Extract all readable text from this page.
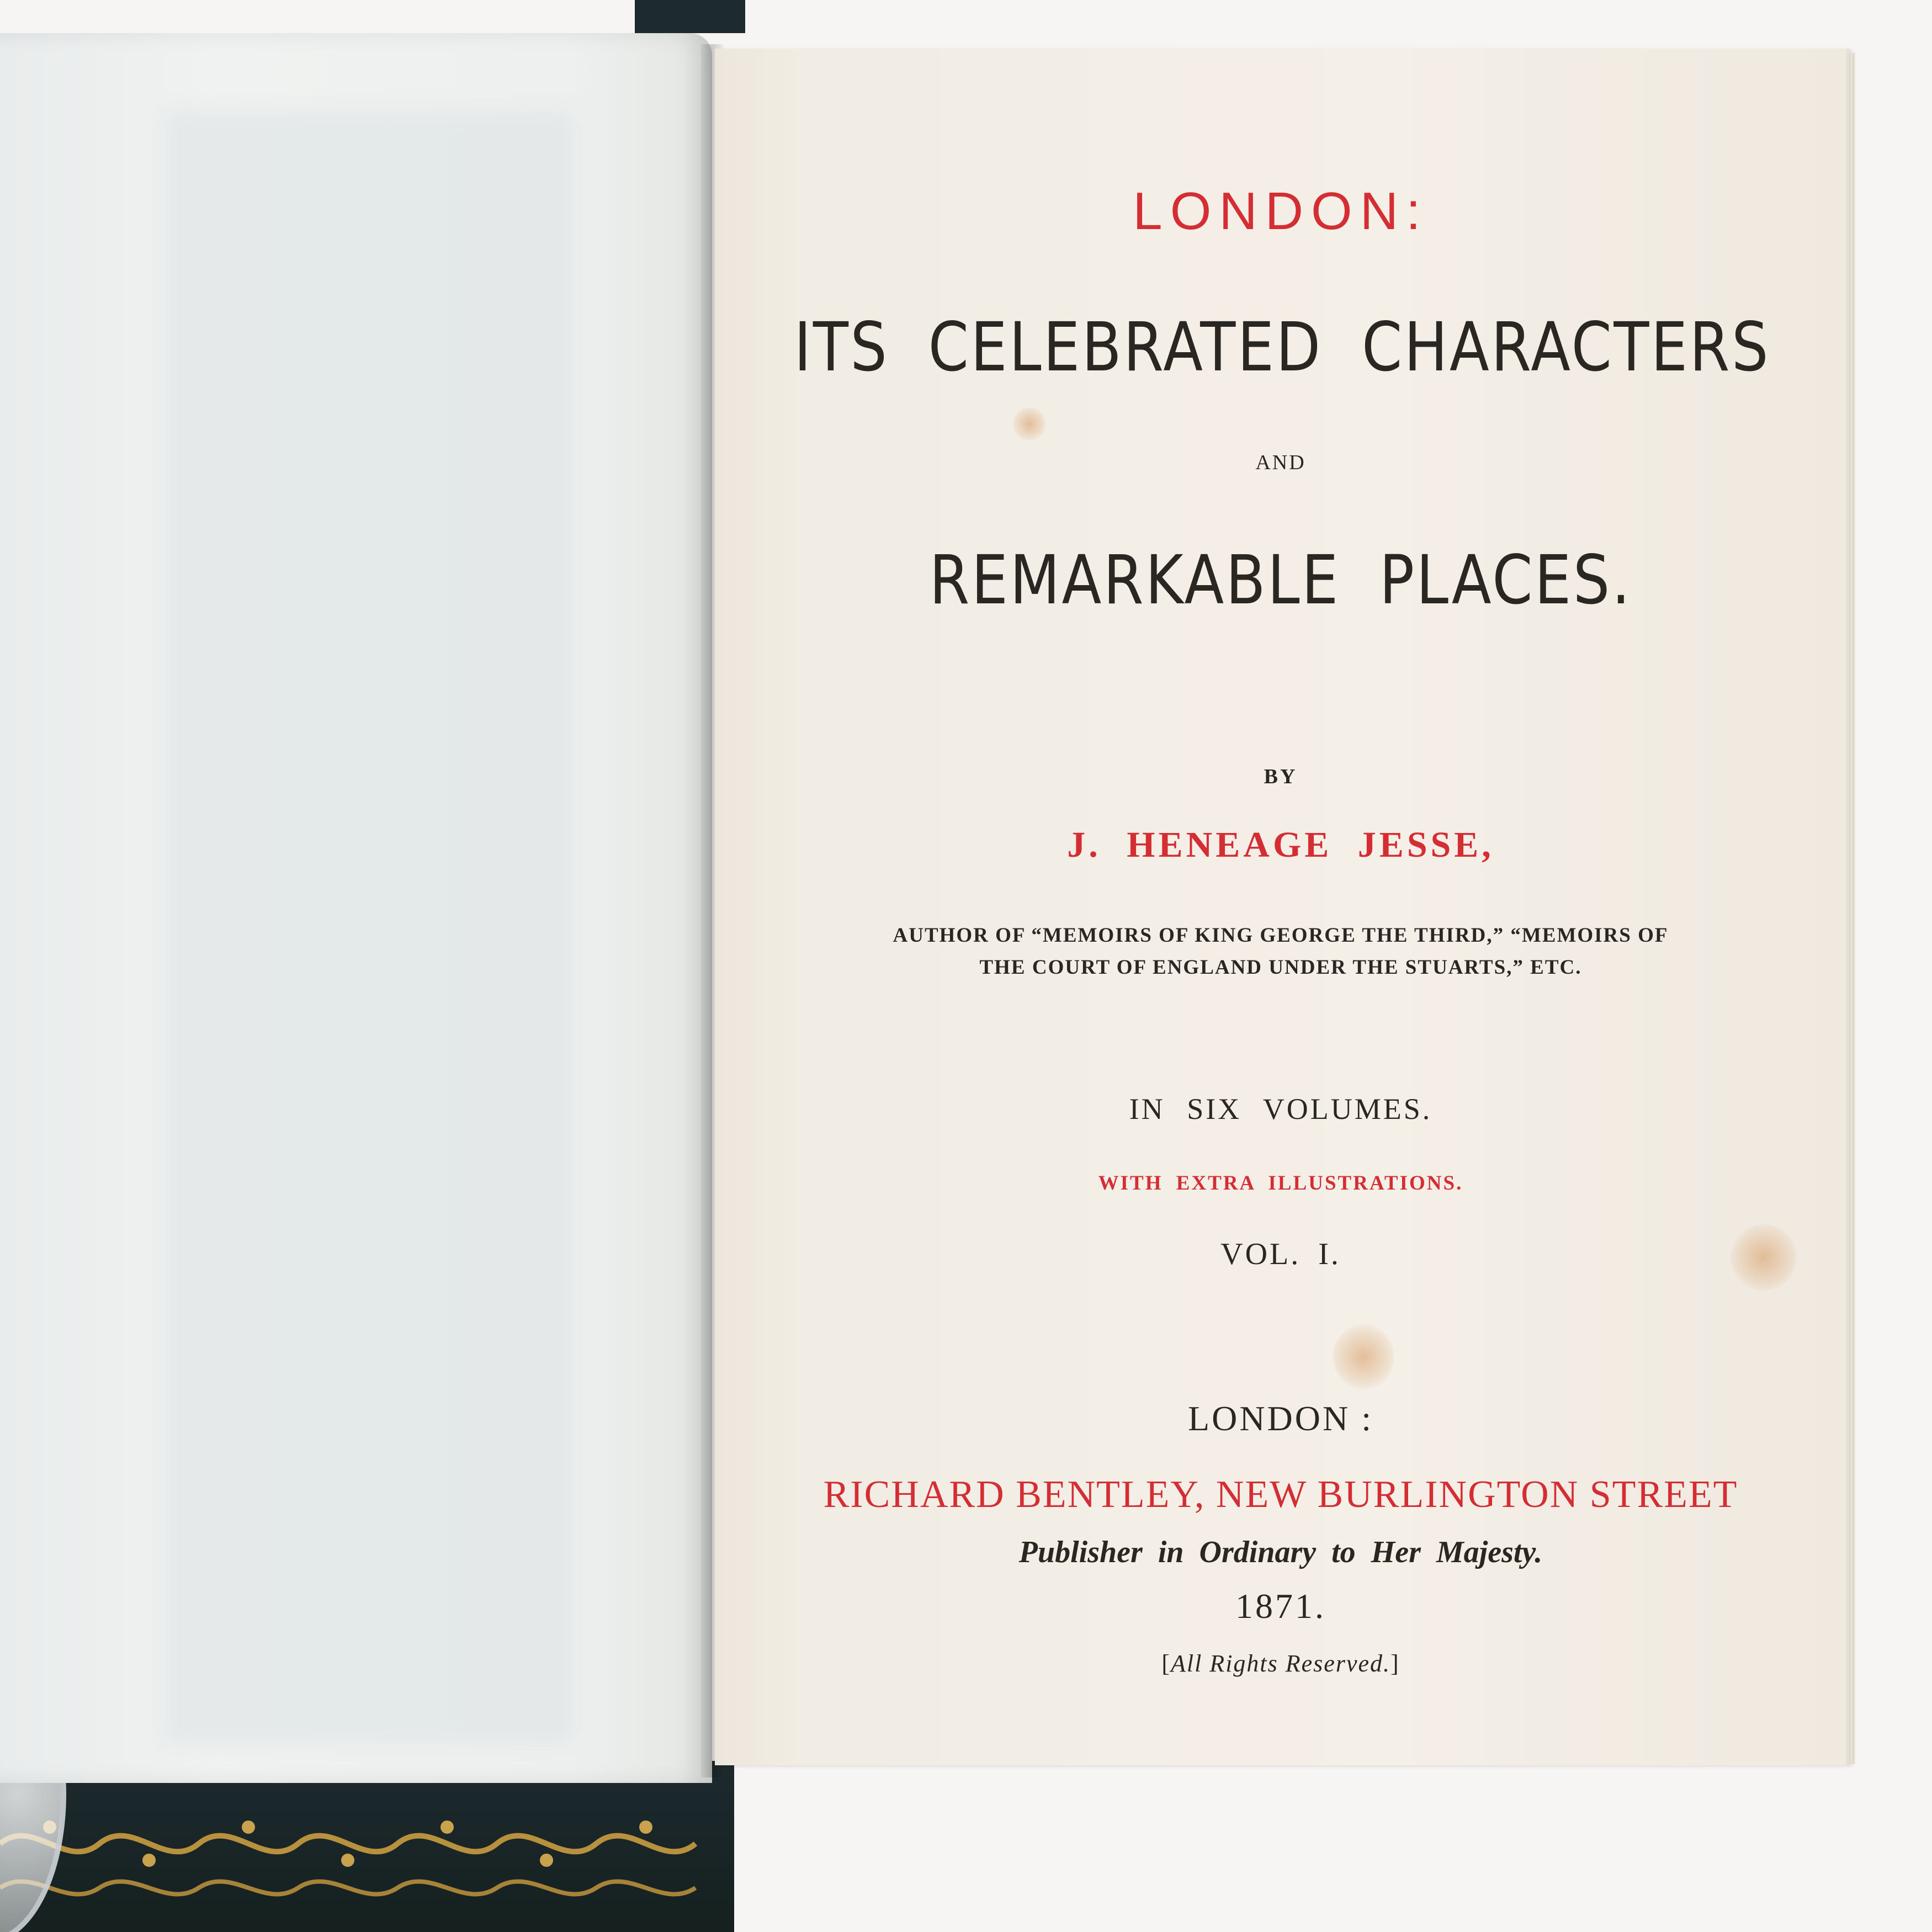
LONDON:
ITS CELEBRATED CHARACTERS
AND
REMARKABLE PLACES.
BY
J. HENEAGE JESSE,
AUTHOR OF “MEMOIRS OF KING GEORGE THE THIRD,” “MEMOIRS OF
THE COURT OF ENGLAND UNDER THE STUARTS,” ETC.
IN SIX VOLUMES.
WITH EXTRA ILLUSTRATIONS.
VOL. I.
LONDON :
RICHARD BENTLEY, NEW BURLINGTON STREET
Publisher in Ordinary to Her Majesty.
1871.
[All Rights Reserved.]
